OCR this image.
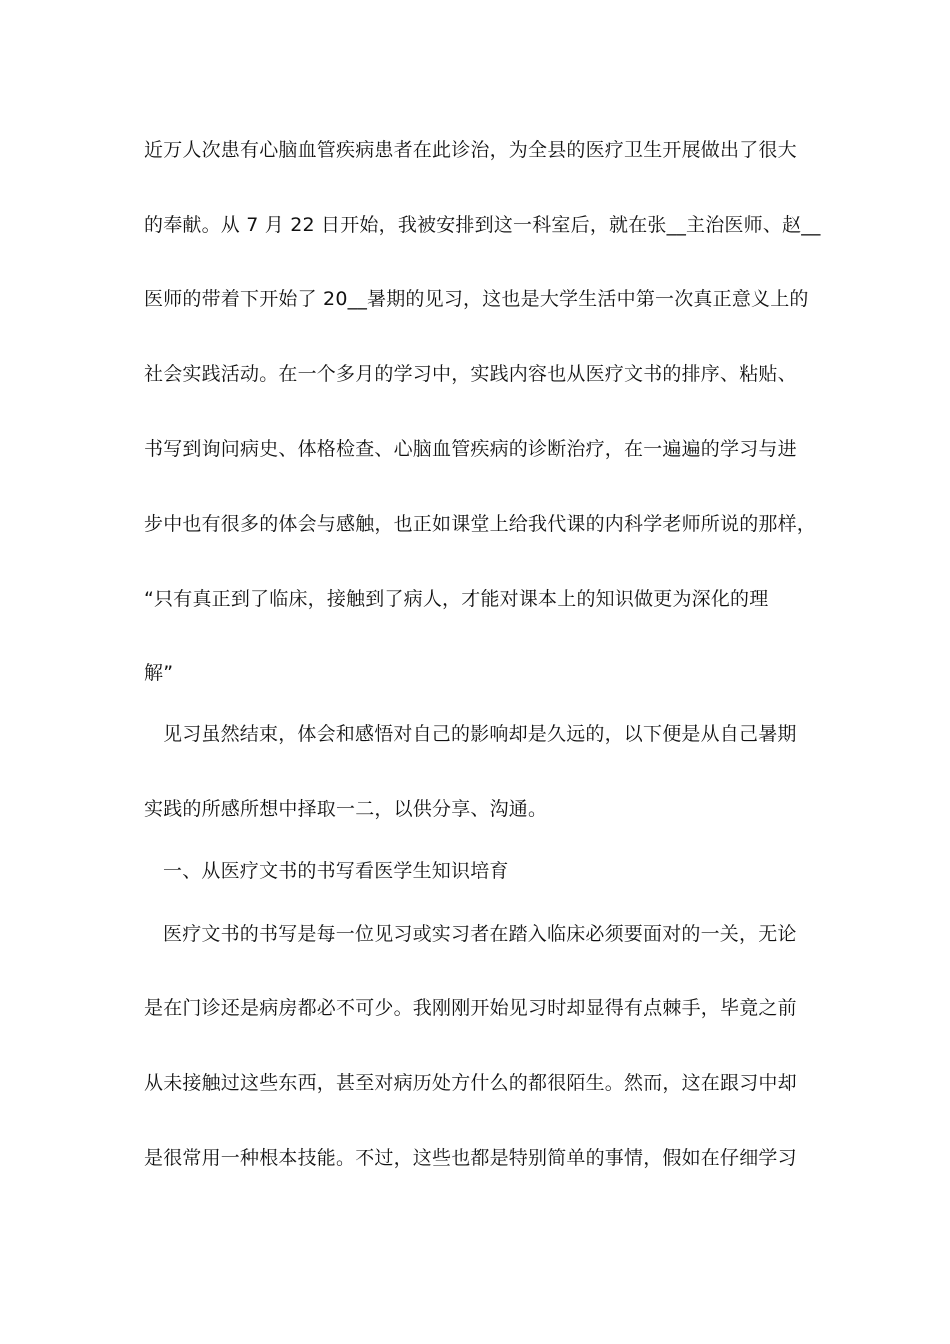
近万人次患有心脑血管疾病患者在此诊治，为全县的医疗卫生开展做出了很大
的奉献。从 7 月 22 日开始，我被安排到这一科室后，就在张__主治医师、赵__
医师的带着下开始了 20__暑期的见习，这也是大学生活中第一次真正意义上的
社会实践活动。在一个多月的学习中，实践内容也从医疗文书的排序、粘贴、
书写到询问病史、体格检查、心脑血管疾病的诊断治疗，在一遍遍的学习与进
步中也有很多的体会与感触，也正如课堂上给我代课的内科学老师所说的那样，
“只有真正到了临床，接触到了病人，才能对课本上的知识做更为深化的理
解”
见习虽然结束，体会和感悟对自己的影响却是久远的，以下便是从自己暑期
实践的所感所想中择取一二，以供分享、沟通。
一、从医疗文书的书写看医学生知识培育
医疗文书的书写是每一位见习或实习者在踏入临床必须要面对的一关，无论
是在门诊还是病房都必不可少。我刚刚开始见习时却显得有点棘手，毕竟之前
从未接触过这些东西，甚至对病历处方什么的都很陌生。然而，这在跟习中却
是很常用一种根本技能。不过，这些也都是特别简单的事情，假如在仔细学习
